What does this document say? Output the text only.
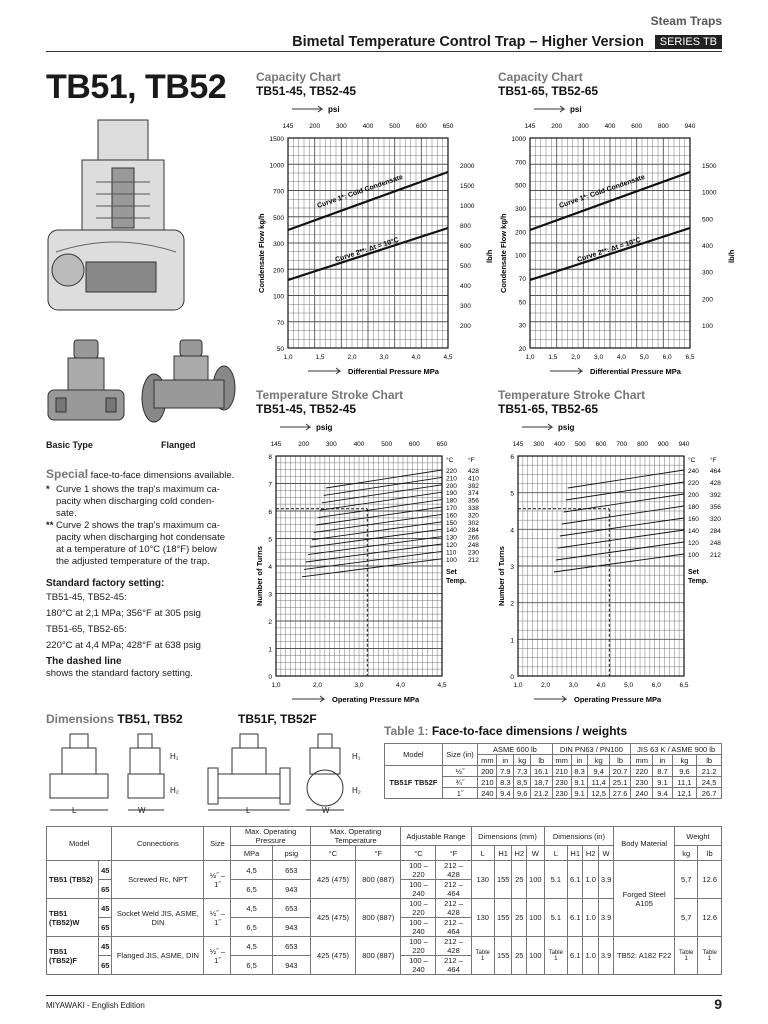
Steam Traps
Bimetal Temperature Control Trap – Higher Version	SERIES TB
TB51, TB52
Basic Type	Flanged
Special face-to-face dimensions available.
* Curve 1 shows the trap's maximum ca-
pacity when discharging cold conden-
sate.
** Curve 2 shows the trap's maximum ca-
pacity when discharging hot condensate
at a temperature of 10°C (18°F) below
the adjusted temperature of the trap.
Standard factory setting:
TB51-45, TB52-45:
180°C at 2,1 MPa; 356°F at 305 psig
TB51-65, TB52-65:
220°C at 4,4 MPa; 428°F at 638 psig
The dashed line
shows the standard factory setting.
Capacity Chart
TB51-45, TB52-45
psi
145 200 300 400 500 600 650
1500
1000
700
500
300
200
100
70
50
2000
1500
1000
800
600
500
400
300
200
1,0	1,5	2,0	3,0	4,0	4,5
Differential Pressure MPa
Condensate Flow kg/h	lb/h
Curve 1*: Cold Condensate
Curve 2**: Δt = 10°C
Capacity Chart
TB51-65, TB52-65
psi
145 200 300 400 600 800 940
1000
700
500
300
200
100
70
50
30
20
1500
1000
500
400
300
200
100
1,0 1,5 2,0 3,0 4,0 5,0 6,0 6,5
Differential Pressure MPa
Condensate Flow kg/h	lb/h
Curve 1*: Cold Condensate
Curve 2**: Δt = 10°C
Temperature Stroke Chart
TB51-45, TB52-45
psig
145	200	300	400	500	600	650
8
7
6
5
4
3
2
1
0
1,0	2,0	3,0	4,0	4,5
Operating Pressure MPa
Number of Turns
°C °F
220 428
210 410
200 392
190 374
180 356
170 338
160 320
150 302
140 284
130 266
120 248
110 230
100 212
Set
Temp.
Temperature Stroke Chart
TB51-65, TB52-65
psig
145 300 400 500 600 700 800 900 940
6
5
4
3
2
1
0
1,0	2,0	3,0	4,0	5,0	6,0	6,5
Operating Pressure MPa
Number of Turns
°C °F
240 464
220 428
200 392
180 356
160 320
140 284
120 248
100 212
Set
Temp.
Dimensions TB51, TB52	TB51F, TB52F
L	W	L	W
H₁
H₂
H₁
H₂
Table 1: Face-to-face dimensions / weights
Model	Size (in)	ASME 600 lb				DIN PN63 / PN100				JIS 63 K / ASME 900 lb			
		mm	in	kg	lb	mm	in	kg	lb	mm	in	kg	lb
TB51F TB52F	½˝	200	7.9	7,3	16.1	210	8.3	9,4	20.7	220	8.7	9,6	21.2
	¾˝	210	8.3	8,5	18,7	230	9.1	11,4	25.1	230	9.1	11,1	24,5
	1˝	240	9.4	9,6	21.2	230	9.1	12,5	27.6	240	9.4	12,1	26.7
Model		Connections	Size	Max. Operating Pressure		Max. Operating Temperature		Adjustable Range		Dimensions (mm)				Dimensions (in)				Body Material	Weight	
				MPa	psig	°C	°F	°C	°F	L	H1	H2	W	L	H1	H2	W		kg	lb
TB51 (TB52)	45	Screwed Rc, NPT	½˝ – 1˝	4,5	653	425 (475)	800 (887)	100 – 220	212 – 428	130	155	25	100	5.1	6.1	1.0	3.9	Forged Steel A105	5,7	12.6
	65			6,5	943			100 – 240	212 – 464											
TB51 (TB52)W	45	Socket Weld JIS, ASME, DIN	½˝ – 1˝	4,5	653	425 (475)	800 (887)	100 – 220	212 – 428	130	155	25	100	5.1	6.1	1.0	3.9		5,7	12.6
	65			6,5	943			100 – 240	212 – 464											
TB51 (TB52)F	45	Flanged JIS, ASME, DIN	½˝ – 1˝	4,5	653	425 (475)	800 (887)	100 – 220	212 – 428	Table 1	155	25	100	Table 1	6.1	1.0	3.9	TB52: A182 F22	Table 1	Table 1
	65			6,5	943			100 – 240	212 – 464											
MIYAWAKI - English Edition	9
